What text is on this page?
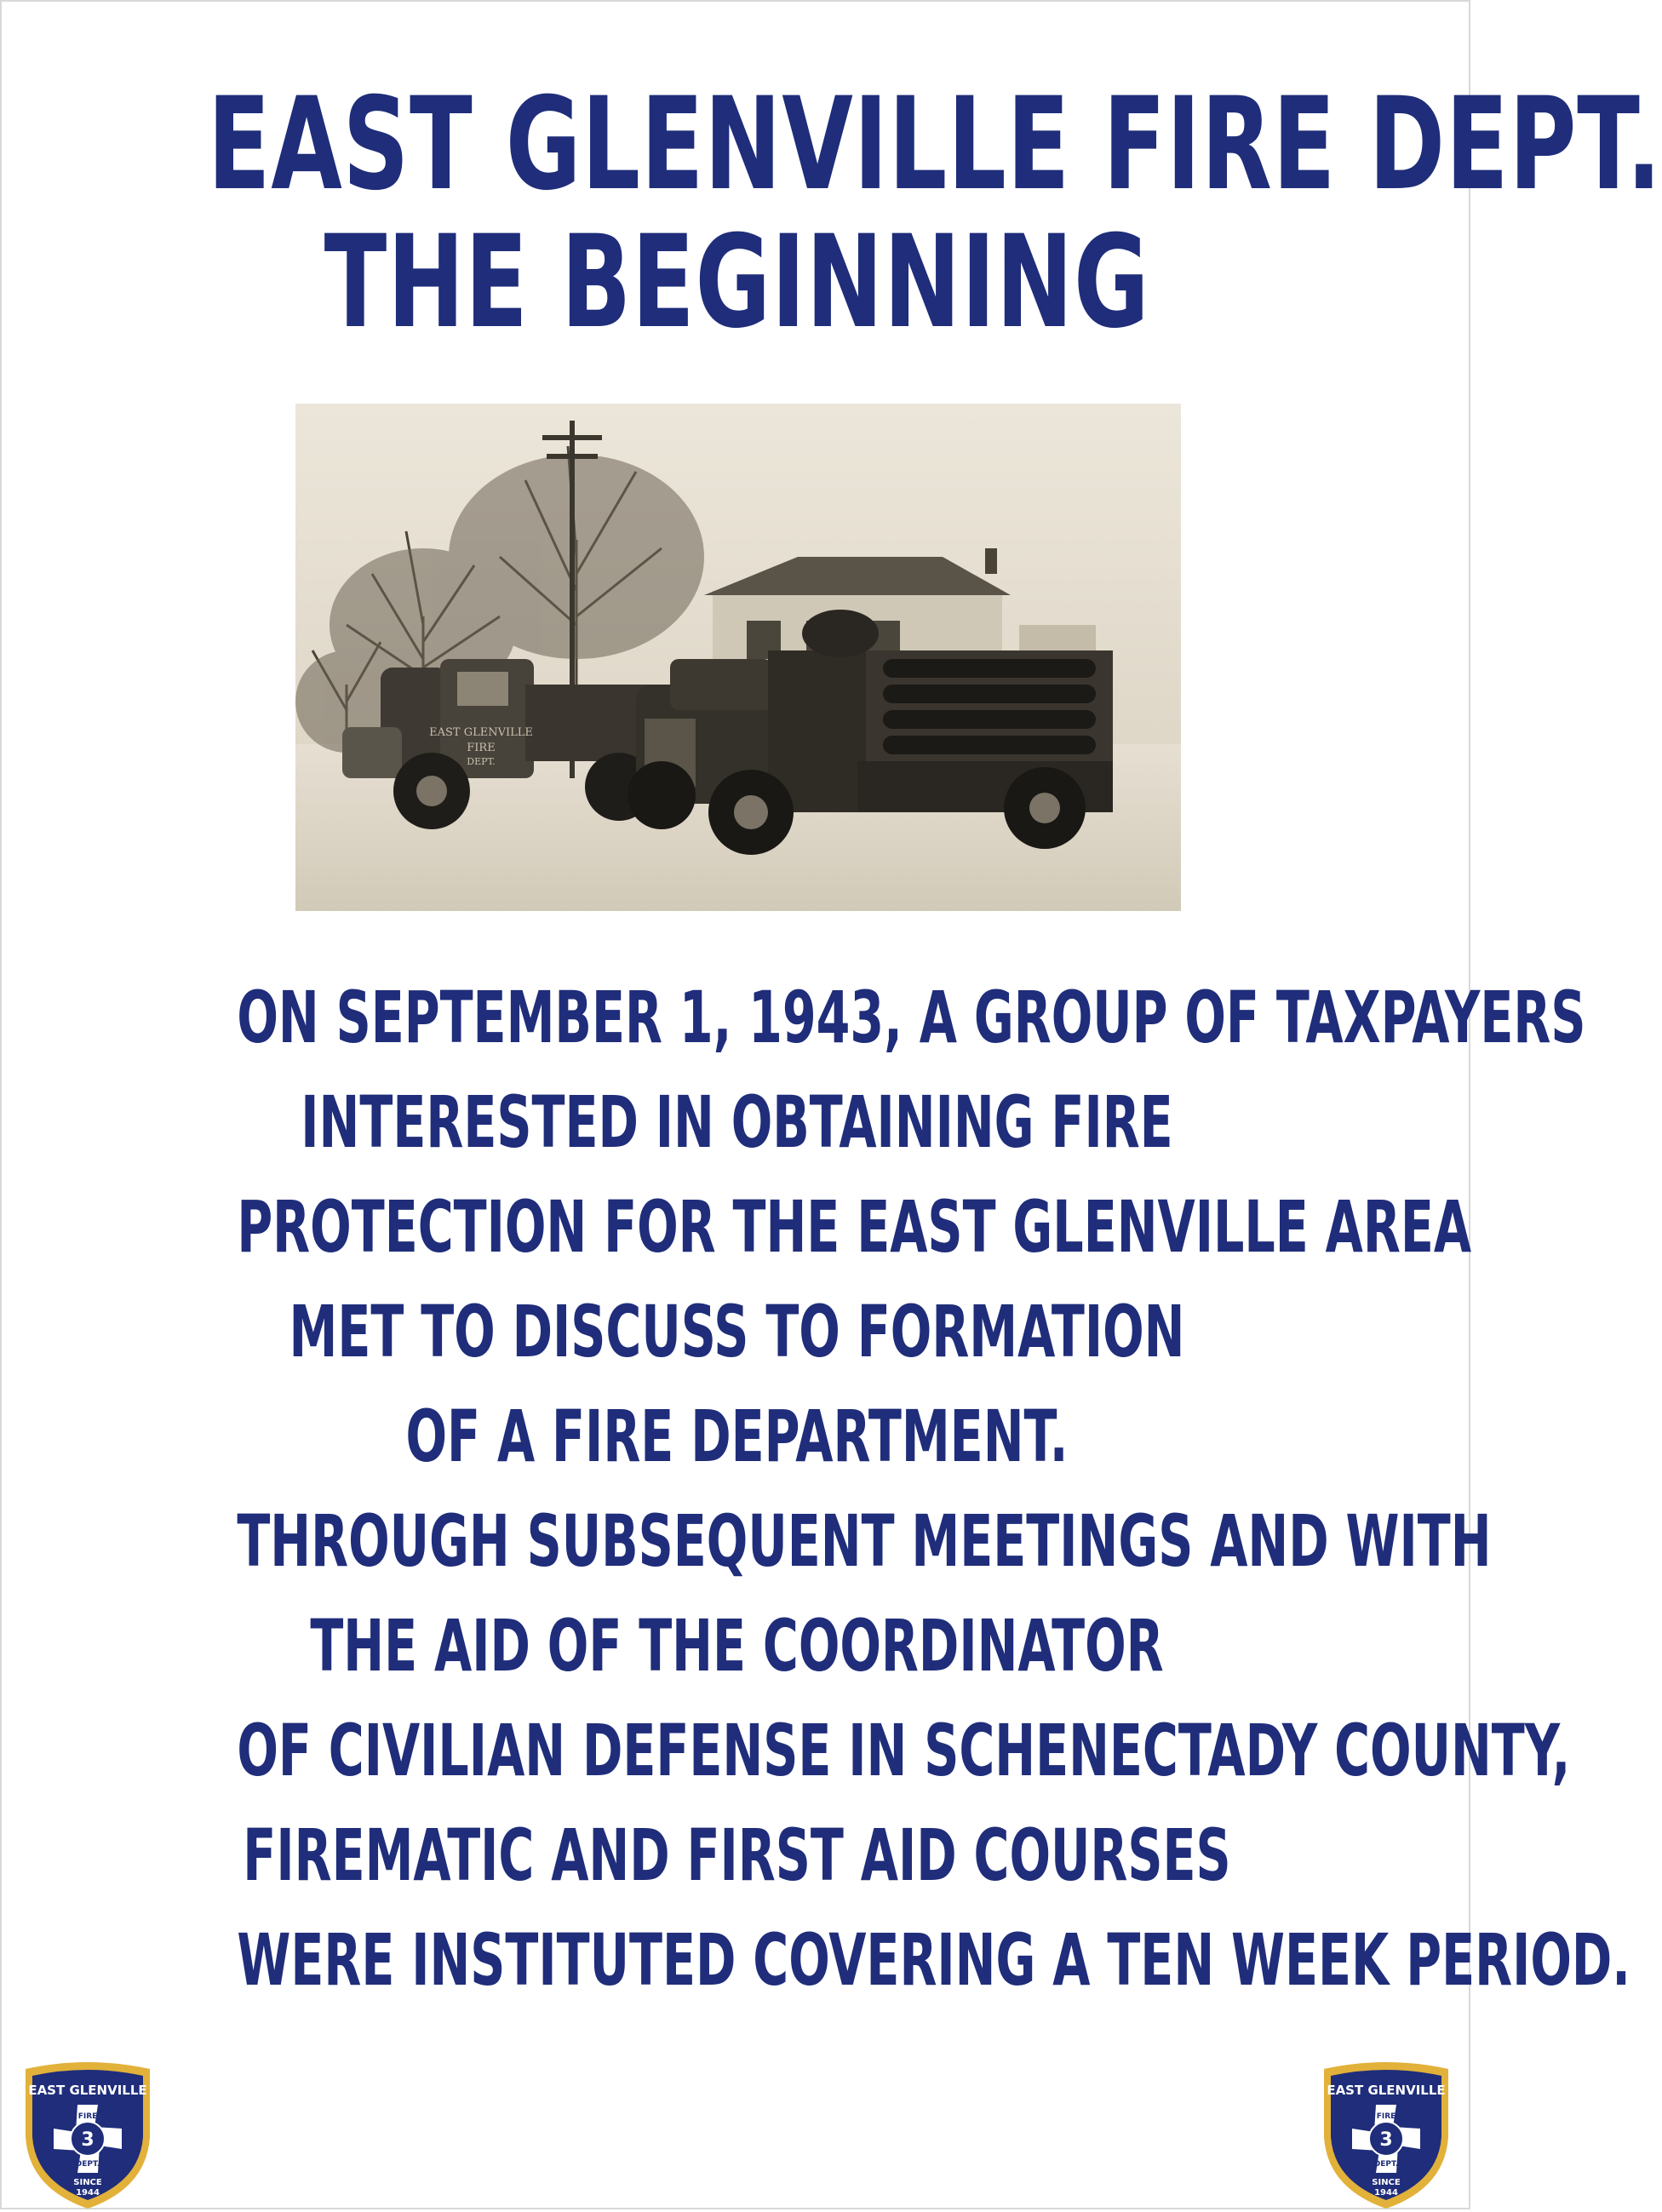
EAST GLENVILLE FIRE DEPT.
THE BEGINNING
EAST GLENVILLE
FIRE
DEPT.
ON SEPTEMBER 1, 1943, A GROUP OF TAXPAYERS
INTERESTED IN OBTAINING FIRE
PROTECTION FOR THE EAST GLENVILLE AREA
MET TO DISCUSS TO FORMATION
OF A FIRE DEPARTMENT.
THROUGH SUBSEQUENT MEETINGS AND WITH
THE AID OF THE COORDINATOR
OF CIVILIAN DEFENSE IN SCHENECTADY COUNTY,
FIREMATIC AND FIRST AID COURSES
WERE INSTITUTED COVERING A TEN WEEK PERIOD.
EAST GLENVILLE
FIRE
3
DEPT.
SINCE
1944
EAST GLENVILLE
FIRE
3
DEPT.
SINCE
1944
